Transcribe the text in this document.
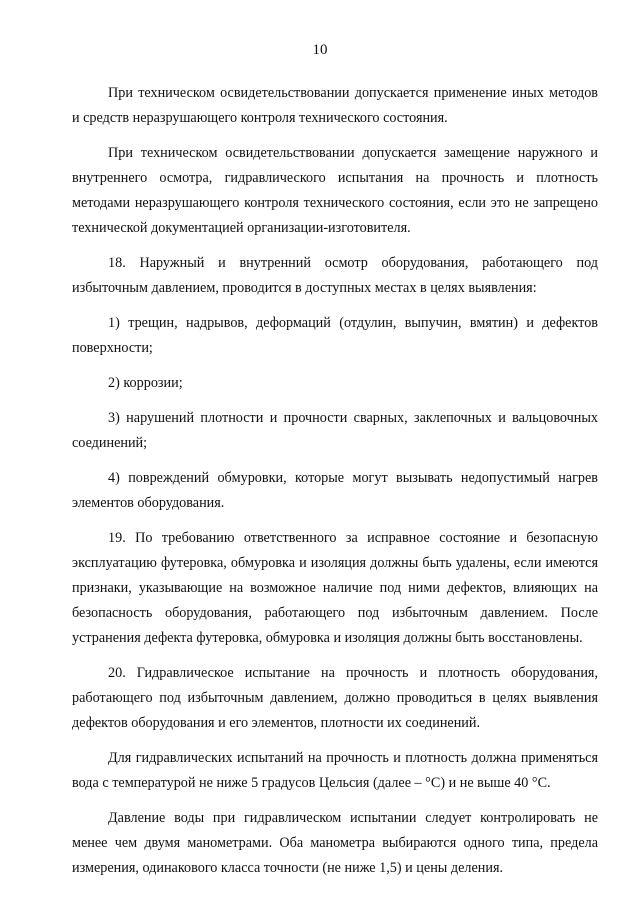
10

При техническом освидетельствовании допускается применение иных методов и средств неразрушающего контроля технического состояния.

При техническом освидетельствовании допускается замещение наружного и внутреннего осмотра, гидравлического испытания на прочность и плотность методами неразрушающего контроля технического состояния, если это не запрещено технической документацией организации-изготовителя.

18. Наружный и внутренний осмотр оборудования, работающего под избыточным давлением, проводится в доступных местах в целях выявления:

1) трещин, надрывов, деформаций (отдулин, выпучин, вмятин) и дефектов поверхности;

2) коррозии;

3) нарушений плотности и прочности сварных, заклепочных и вальцовочных соединений;

4) повреждений обмуровки, которые могут вызывать недопустимый нагрев элементов оборудования.

19. По требованию ответственного за исправное состояние и безопасную эксплуатацию футеровка, обмуровка и изоляция должны быть удалены, если имеются признаки, указывающие на возможное наличие под ними дефектов, влияющих на безопасность оборудования, работающего под избыточным давлением. После устранения дефекта футеровка, обмуровка и изоляция должны быть восстановлены.

20. Гидравлическое испытание на прочность и плотность оборудования, работающего под избыточным давлением, должно проводиться в целях выявления дефектов оборудования и его элементов, плотности их соединений.

Для гидравлических испытаний на прочность и плотность должна применяться вода с температурой не ниже 5 градусов Цельсия (далее – °С) и не выше 40 °С.

Давление воды при гидравлическом испытании следует контролировать не менее чем двумя манометрами. Оба манометра выбираются одного типа, предела измерения, одинакового класса точности (не ниже 1,5) и цены деления.
